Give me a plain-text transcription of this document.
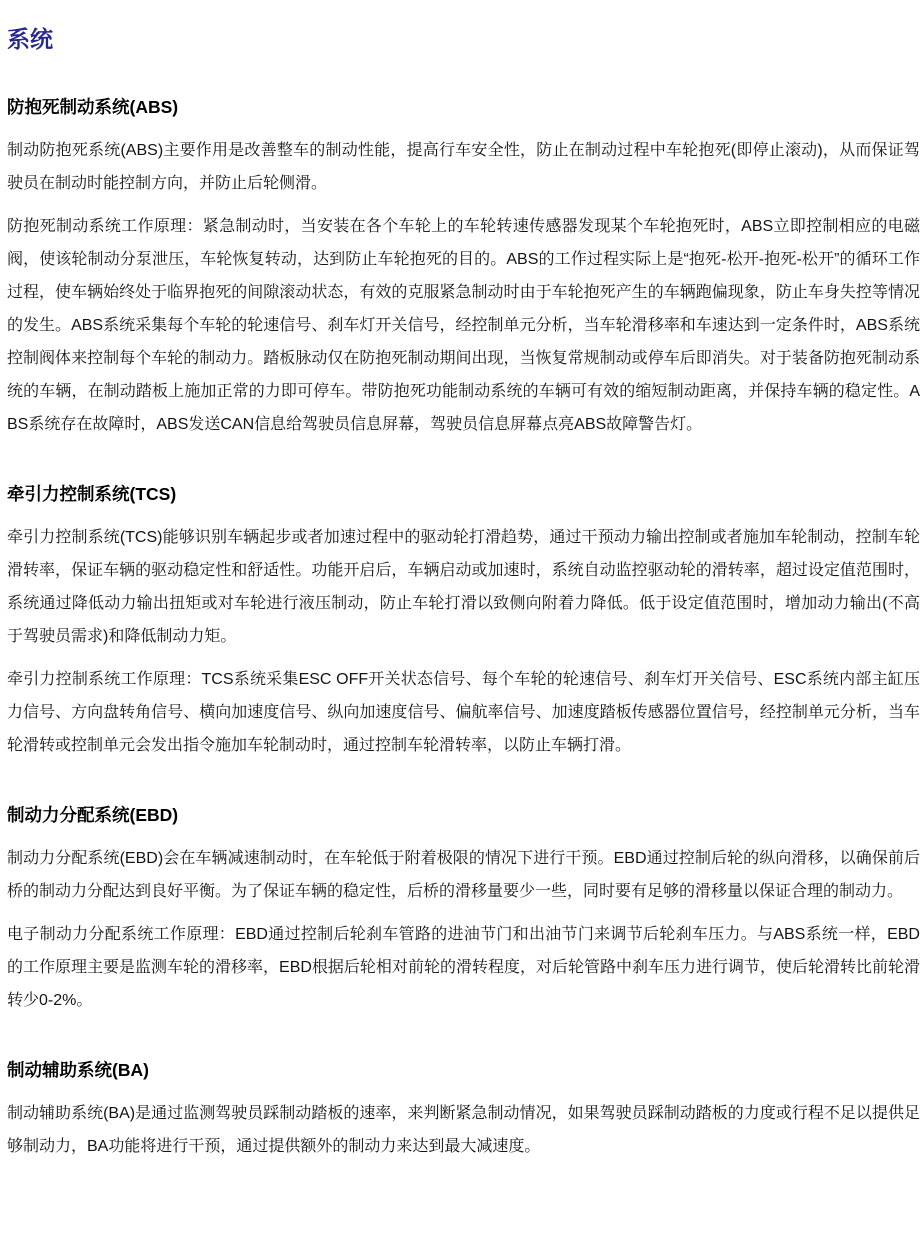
系统
防抱死制动系统(ABS)

制动防抱死系统(ABS)主要作用是改善整车的制动性能，提高行车安全性，防止在制动过程中车轮抱死(即停止滚动)，从而保证驾驶员在制动时能控制方向，并防止后轮侧滑。

防抱死制动系统工作原理：紧急制动时，当安装在各个车轮上的车轮转速传感器发现某个车轮抱死时，ABS立即控制相应的电磁阀，使该轮制动分泵泄压，车轮恢复转动，达到防止车轮抱死的目的。ABS的工作过程实际上是“抱死-松开-抱死-松开”的循环工作过程，使车辆始终处于临界抱死的间隙滚动状态，有效的克服紧急制动时由于车轮抱死产生的车辆跑偏现象，防止车身失控等情况的发生。ABS系统采集每个车轮的轮速信号、刹车灯开关信号，经控制单元分析，当车轮滑移率和车速达到一定条件时，ABS系统控制阀体来控制每个车轮的制动力。踏板脉动仅在防抱死制动期间出现，当恢复常规制动或停车后即消失。对于装备防抱死制动系统的车辆，在制动踏板上施加正常的力即可停车。带防抱死功能制动系统的车辆可有效的缩短制动距离，并保持车辆的稳定性。ABS系统存在故障时，ABS发送CAN信息给驾驶员信息屏幕，驾驶员信息屏幕点亮ABS故障警告灯。

牵引力控制系统(TCS)

牵引力控制系统(TCS)能够识别车辆起步或者加速过程中的驱动轮打滑趋势，通过干预动力输出控制或者施加车轮制动，控制车轮滑转率，保证车辆的驱动稳定性和舒适性。功能开启后，车辆启动或加速时，系统自动监控驱动轮的滑转率，超过设定值范围时，系统通过降低动力输出扭矩或对车轮进行液压制动，防止车轮打滑以致侧向附着力降低。低于设定值范围时，增加动力输出(不高于驾驶员需求)和降低制动力矩。

牵引力控制系统工作原理：TCS系统采集ESC OFF开关状态信号、每个车轮的轮速信号、刹车灯开关信号、ESC系统内部主缸压力信号、方向盘转角信号、横向加速度信号、纵向加速度信号、偏航率信号、加速度踏板传感器位置信号，经控制单元分析，当车轮滑转或控制单元会发出指令施加车轮制动时，通过控制车轮滑转率，以防止车辆打滑。

制动力分配系统(EBD)

制动力分配系统(EBD)会在车辆减速制动时，在车轮低于附着极限的情况下进行干预。EBD通过控制后轮的纵向滑移，以确保前后桥的制动力分配达到良好平衡。为了保证车辆的稳定性，后桥的滑移量要少一些，同时要有足够的滑移量以保证合理的制动力。

电子制动力分配系统工作原理：EBD通过控制后轮刹车管路的进油节门和出油节门来调节后轮刹车压力。与ABS系统一样，EBD的工作原理主要是监测车轮的滑移率，EBD根据后轮相对前轮的滑转程度，对后轮管路中刹车压力进行调节，使后轮滑转比前轮滑转少0-2%。

制动辅助系统(BA)

制动辅助系统(BA)是通过监测驾驶员踩制动踏板的速率，来判断紧急制动情况，如果驾驶员踩制动踏板的力度或行程不足以提供足够制动力，BA功能将进行干预，通过提供额外的制动力来达到最大减速度。
